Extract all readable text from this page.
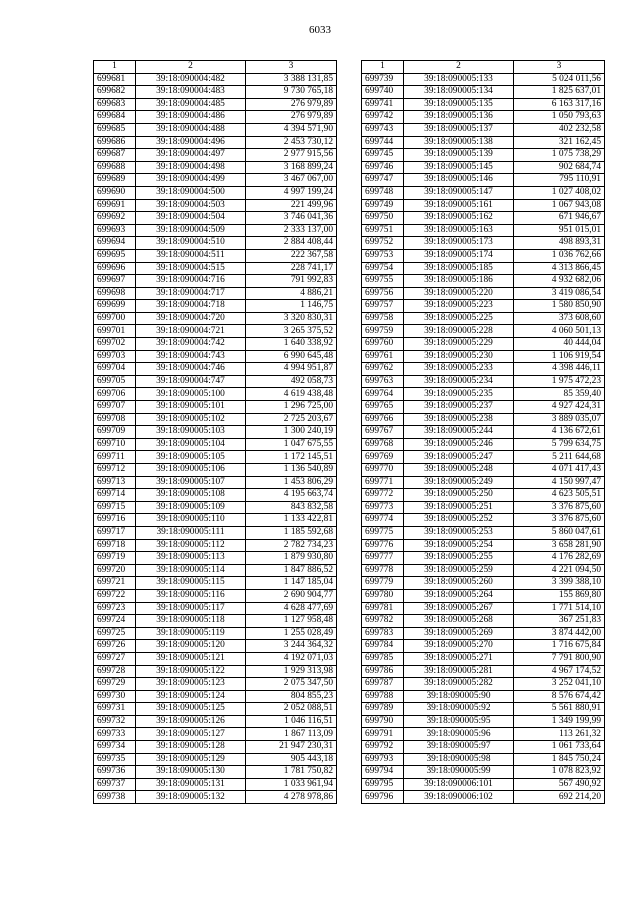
6033
1	2	3
699681	39:18:090004:482	3 388 131,85
699682	39:18:090004:483	9 730 765,18
699683	39:18:090004:485	276 979,89
699684	39:18:090004:486	276 979,89
699685	39:18:090004:488	4 394 571,90
699686	39:18:090004:496	2 453 730,12
699687	39:18:090004:497	2 977 915,56
699688	39:18:090004:498	3 168 899,24
699689	39:18:090004:499	3 467 067,00
699690	39:18:090004:500	4 997 199,24
699691	39:18:090004:503	221 499,96
699692	39:18:090004:504	3 746 041,36
699693	39:18:090004:509	2 333 137,00
699694	39:18:090004:510	2 884 408,44
699695	39:18:090004:511	222 367,58
699696	39:18:090004:515	228 741,17
699697	39:18:090004:716	791 992,83
699698	39:18:090004:717	4 886,21
699699	39:18:090004:718	1 146,75
699700	39:18:090004:720	3 320 830,31
699701	39:18:090004:721	3 265 375,52
699702	39:18:090004:742	1 640 338,92
699703	39:18:090004:743	6 990 645,48
699704	39:18:090004:746	4 994 951,87
699705	39:18:090004:747	492 058,73
699706	39:18:090005:100	4 619 438,48
699707	39:18:090005:101	1 296 725,00
699708	39:18:090005:102	2 725 203,67
699709	39:18:090005:103	1 300 240,19
699710	39:18:090005:104	1 047 675,55
699711	39:18:090005:105	1 172 145,51
699712	39:18:090005:106	1 136 540,89
699713	39:18:090005:107	1 453 806,29
699714	39:18:090005:108	4 195 663,74
699715	39:18:090005:109	843 832,58
699716	39:18:090005:110	1 133 422,81
699717	39:18:090005:111	1 185 592,68
699718	39:18:090005:112	2 782 734,23
699719	39:18:090005:113	1 879 930,80
699720	39:18:090005:114	1 847 886,52
699721	39:18:090005:115	1 147 185,04
699722	39:18:090005:116	2 690 904,77
699723	39:18:090005:117	4 628 477,69
699724	39:18:090005:118	1 127 958,48
699725	39:18:090005:119	1 255 028,49
699726	39:18:090005:120	3 244 364,32
699727	39:18:090005:121	4 192 071,03
699728	39:18:090005:122	1 929 313,98
699729	39:18:090005:123	2 075 347,50
699730	39:18:090005:124	804 855,23
699731	39:18:090005:125	2 052 088,51
699732	39:18:090005:126	1 046 116,51
699733	39:18:090005:127	1 867 113,09
699734	39:18:090005:128	21 947 230,31
699735	39:18:090005:129	905 443,18
699736	39:18:090005:130	1 781 750,82
699737	39:18:090005:131	1 033 961,94
699738	39:18:090005:132	4 278 978,86
1	2	3
699739	39:18:090005:133	5 024 011,56
699740	39:18:090005:134	1 825 637,01
699741	39:18:090005:135	6 163 317,16
699742	39:18:090005:136	1 050 793,63
699743	39:18:090005:137	402 232,58
699744	39:18:090005:138	321 162,45
699745	39:18:090005:139	1 075 738,29
699746	39:18:090005:145	902 684,74
699747	39:18:090005:146	795 110,91
699748	39:18:090005:147	1 027 408,02
699749	39:18:090005:161	1 067 943,08
699750	39:18:090005:162	671 946,67
699751	39:18:090005:163	951 015,01
699752	39:18:090005:173	498 893,31
699753	39:18:090005:174	1 036 762,66
699754	39:18:090005:185	4 313 866,45
699755	39:18:090005:186	4 932 682,06
699756	39:18:090005:220	3 419 086,54
699757	39:18:090005:223	1 580 850,90
699758	39:18:090005:225	373 608,60
699759	39:18:090005:228	4 060 501,13
699760	39:18:090005:229	40 444,04
699761	39:18:090005:230	1 106 919,54
699762	39:18:090005:233	4 398 446,11
699763	39:18:090005:234	1 975 472,23
699764	39:18:090005:235	85 359,40
699765	39:18:090005:237	4 927 424,31
699766	39:18:090005:238	3 889 035,07
699767	39:18:090005:244	4 136 672,61
699768	39:18:090005:246	5 799 634,75
699769	39:18:090005:247	5 211 644,68
699770	39:18:090005:248	4 071 417,43
699771	39:18:090005:249	4 150 997,47
699772	39:18:090005:250	4 623 505,51
699773	39:18:090005:251	3 376 875,60
699774	39:18:090005:252	3 376 875,60
699775	39:18:090005:253	5 860 047,61
699776	39:18:090005:254	3 658 281,90
699777	39:18:090005:255	4 176 282,69
699778	39:18:090005:259	4 221 094,50
699779	39:18:090005:260	3 399 388,10
699780	39:18:090005:264	155 869,80
699781	39:18:090005:267	1 771 514,10
699782	39:18:090005:268	367 251,83
699783	39:18:090005:269	3 874 442,00
699784	39:18:090005:270	1 716 675,84
699785	39:18:090005:271	7 791 800,90
699786	39:18:090005:281	4 967 174,52
699787	39:18:090005:282	3 252 041,10
699788	39:18:090005:90	8 576 674,42
699789	39:18:090005:92	5 561 880,91
699790	39:18:090005:95	1 349 199,99
699791	39:18:090005:96	113 261,32
699792	39:18:090005:97	1 061 733,64
699793	39:18:090005:98	1 845 750,24
699794	39:18:090005:99	1 078 823,92
699795	39:18:090006:101	567 490,92
699796	39:18:090006:102	692 214,20
